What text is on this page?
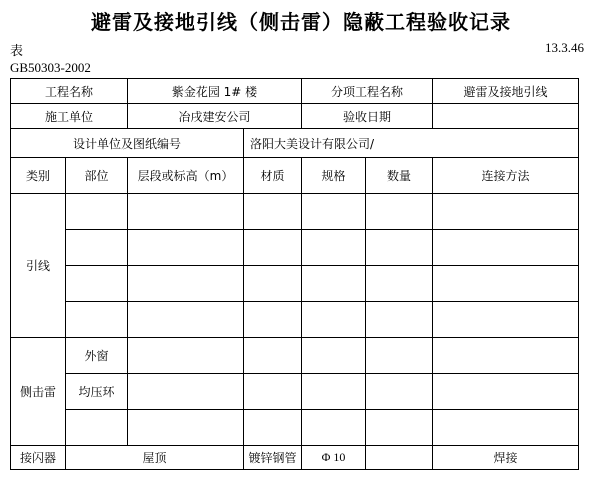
避雷及接地引线（侧击雷）隐蔽工程验收记录
表
GB50303-2002
13.3.46
工程名称		紫金花园 1# 楼		分项工程名称		避雷及接地引线
施工单位		冶戌建安公司		验收日期		
设计单位及图纸编号			洛阳大美设计有限公司/			
类别	部位	层段或标高（m）	材质	规格	数量	连接方法
引线						

侧击雷	外窗					
	均压环					

接闪器	屋顶		镀锌钢管	Φ 10		焊接
